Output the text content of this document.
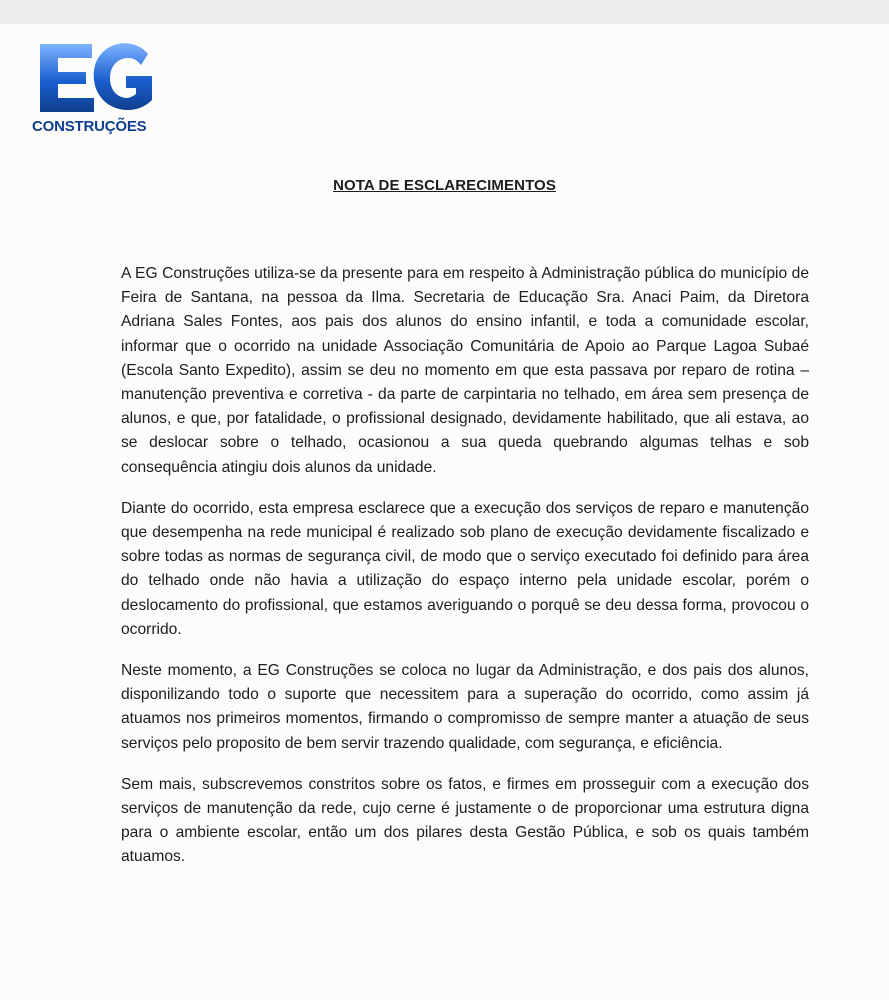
CONSTRUÇÕES
NOTA DE ESCLARECIMENTOS

A EG Construções utiliza-se da presente para em respeito à Administração pública do município de Feira de Santana, na pessoa da Ilma. Secretaria de Educação Sra. Anaci Paim, da Diretora Adriana Sales Fontes, aos pais dos alunos do ensino infantil, e toda a comunidade escolar, informar que o ocorrido na unidade Associação Comunitária de Apoio ao Parque Lagoa Subaé (Escola Santo Expedito), assim se deu no momento em que esta passava por reparo de rotina – manutenção preventiva e corretiva - da parte de carpintaria no telhado, em área sem presença de alunos, e que, por fatalidade, o profissional designado, devidamente habilitado, que ali estava, ao se deslocar sobre o telhado, ocasionou a sua queda quebrando algumas telhas e sob consequência atingiu dois alunos da unidade.

Diante do ocorrido, esta empresa esclarece que a execução dos serviços de reparo e manutenção que desempenha na rede municipal é realizado sob plano de execução devidamente fiscalizado e sobre todas as normas de segurança civil, de modo que o serviço executado foi definido para área do telhado onde não havia a utilização do espaço interno pela unidade escolar, porém o deslocamento do profissional, que estamos averiguando o porquê se deu dessa forma, provocou o ocorrido.

Neste momento, a EG Construções se coloca no lugar da Administração, e dos pais dos alunos, disponilizando todo o suporte que necessitem para a superação do ocorrido, como assim já atuamos nos primeiros momentos, firmando o compromisso de sempre manter a atuação de seus serviços pelo proposito de bem servir trazendo qualidade, com segurança, e eficiência.

Sem mais, subscrevemos constritos sobre os fatos, e firmes em prosseguir com a execução dos serviços de manutenção da rede, cujo cerne é justamente o de proporcionar uma estrutura digna para o ambiente escolar, então um dos pilares desta Gestão Pública, e sob os quais também atuamos.
